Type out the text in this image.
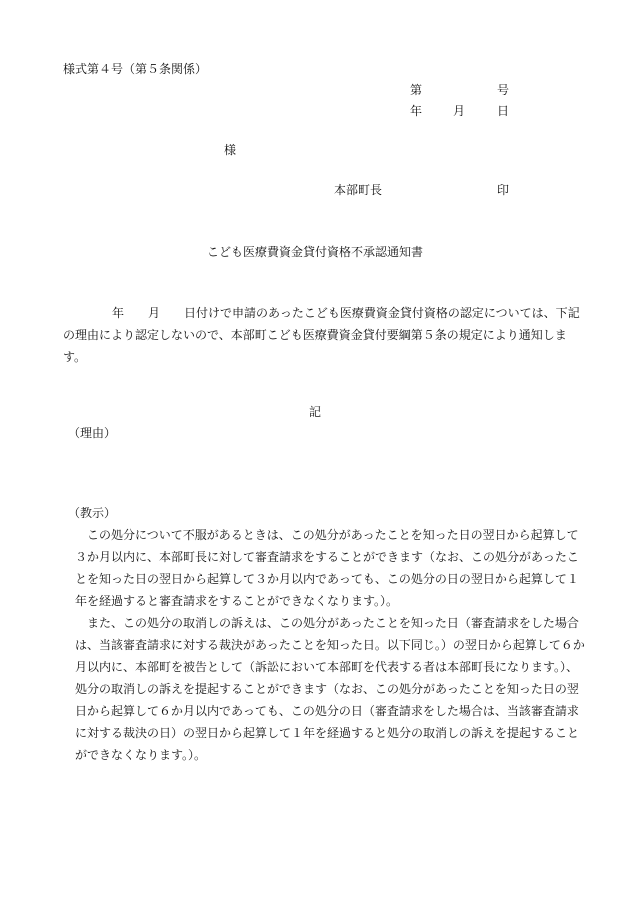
様式第４号（第５条関係）
第	号
年	月	日
様
本部町長	印
こども医療費資金貸付資格不承認通知書

年 月 日付けで申請のあったこども医療費資金貸付資格の認定については、下記の理由により認定しないので、本部町こども医療費資金貸付要綱第５条の規定により通知します。

記
（理由）
（教示）

この処分について不服があるときは、この処分があったことを知った日の翌日から起算して３か月以内に、本部町長に対して審査請求をすることができます（なお、この処分があったことを知った日の翌日から起算して３か月以内であっても、この処分の日の翌日から起算して１年を経過すると審査請求をすることができなくなります。）。

また、この処分の取消しの訴えは、この処分があったことを知った日（審査請求をした場合は、当該審査請求に対する裁決があったことを知った日。以下同じ。）の翌日から起算して６か月以内に、本部町を被告として（訴訟において本部町を代表する者は本部町長になります。）、処分の取消しの訴えを提起することができます（なお、この処分があったことを知った日の翌日から起算して６か月以内であっても、この処分の日（審査請求をした場合は、当該審査請求に対する裁決の日）の翌日から起算して１年を経過すると処分の取消しの訴えを提起することができなくなります。）。
